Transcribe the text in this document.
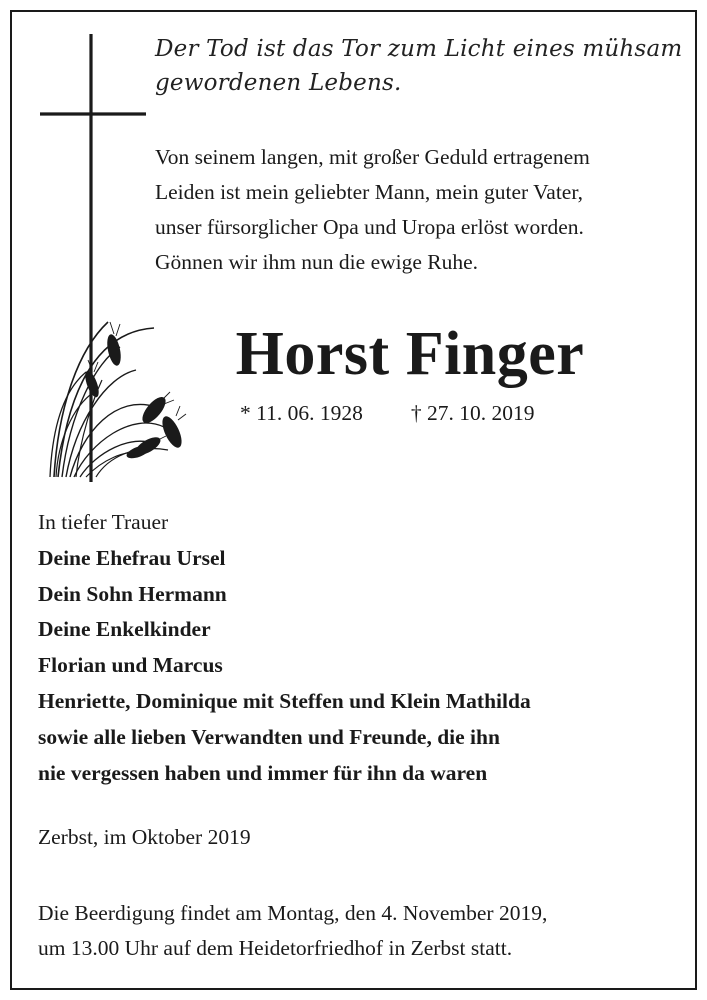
Der Tod ist das Tor zum Licht eines mühsam
gewordenen Lebens.
Von seinem langen, mit großer Geduld ertragenem
Leiden ist mein geliebter Mann, mein guter Vater,
unser fürsorglicher Opa und Uropa erlöst worden.
Gönnen wir ihm nun die ewige Ruhe.
Horst Finger
* 11. 06. 1928 † 27. 10. 2019
In tiefer Trauer
Deine Ehefrau Ursel
Dein Sohn Hermann
Deine Enkelkinder
Florian und Marcus
Henriette, Dominique mit Steffen und Klein Mathilda
sowie alle lieben Verwandten und Freunde, die ihn
nie vergessen haben und immer für ihn da waren
Zerbst, im Oktober 2019
Die Beerdigung findet am Montag, den 4. November 2019,
um 13.00 Uhr auf dem Heidetorfriedhof in Zerbst statt.
